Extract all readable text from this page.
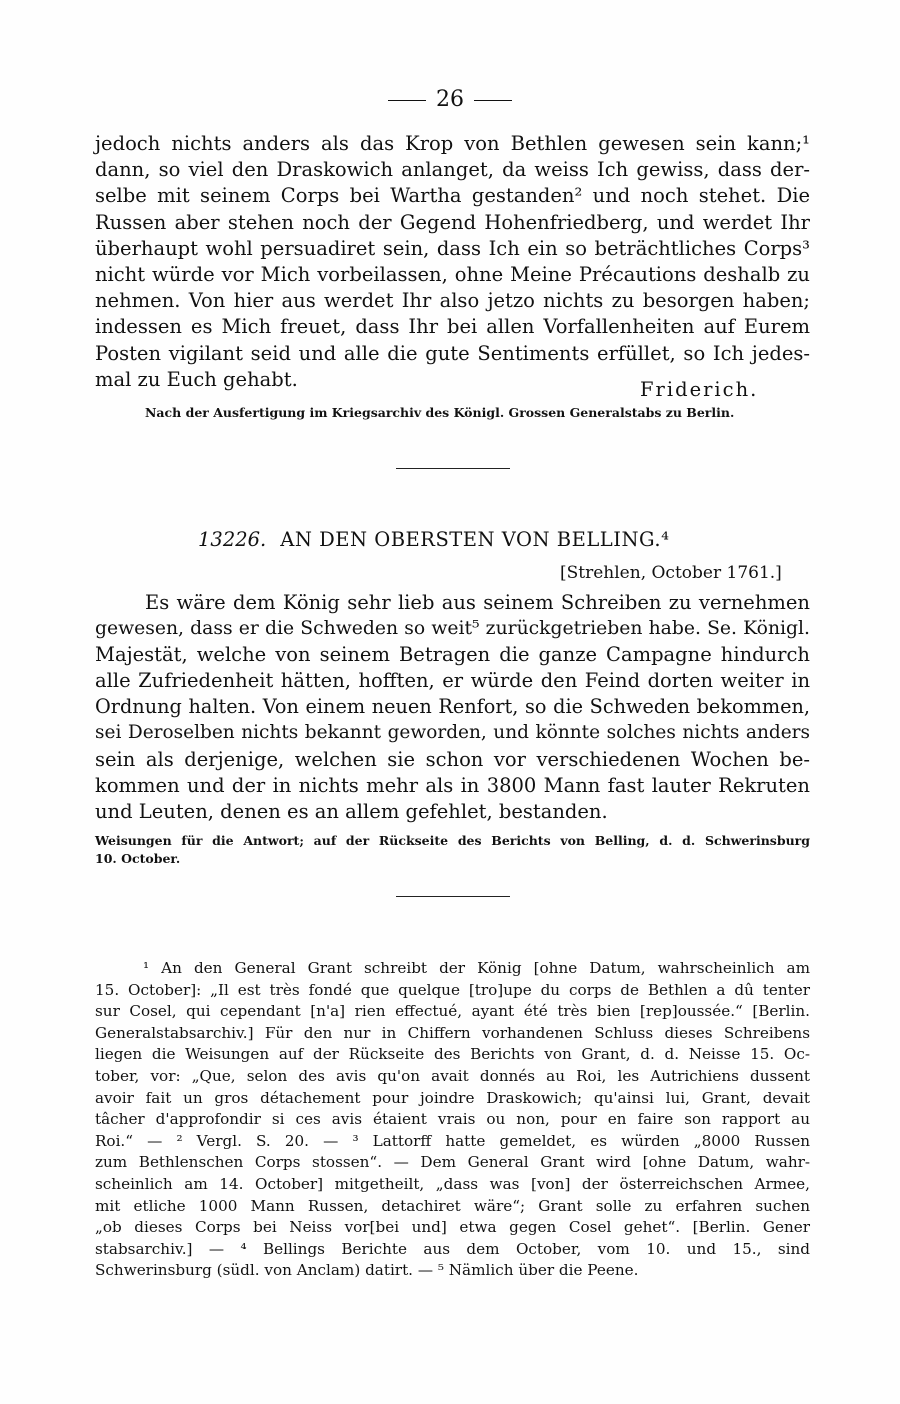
26
jedoch nichts anders als das Krop von Bethlen gewesen sein kann;¹
dann, so viel den Draskowich anlanget, da weiss Ich gewiss, dass der-
selbe mit seinem Corps bei Wartha gestanden² und noch stehet. Die
Russen aber stehen noch der Gegend Hohenfriedberg, und werdet Ihr
überhaupt wohl persuadiret sein, dass Ich ein so beträchtliches Corps³
nicht würde vor Mich vorbeilassen, ohne Meine Précautions deshalb zu
nehmen. Von hier aus werdet Ihr also jetzo nichts zu besorgen haben;
indessen es Mich freuet, dass Ihr bei allen Vorfallenheiten auf Eurem
Posten vigilant seid und alle die gute Sentiments erfüllet, so Ich jedes-
mal zu Euch gehabt.	Friderich.
Nach der Ausfertigung im Kriegsarchiv des Königl. Grossen Generalstabs zu Berlin.
13226. AN DEN OBERSTEN VON BELLING.⁴
[Strehlen, October 1761.]
Es wäre dem König sehr lieb aus seinem Schreiben zu vernehmen
gewesen, dass er die Schweden so weit⁵ zurückgetrieben habe. Se. Königl.
Majestät, welche von seinem Betragen die ganze Campagne hindurch
alle Zufriedenheit hätten, hofften, er würde den Feind dorten weiter in
Ordnung halten. Von einem neuen Renfort, so die Schweden bekommen,
sei Deroselben nichts bekannt geworden, und könnte solches nichts anders
sein als derjenige, welchen sie schon vor verschiedenen Wochen be-
kommen und der in nichts mehr als in 3800 Mann fast lauter Rekruten
und Leuten, denen es an allem gefehlet, bestanden.
Weisungen für die Antwort; auf der Rückseite des Berichts von Belling, d. d. Schwerinsburg
10. October.
¹ An den General Grant schreibt der König [ohne Datum, wahrscheinlich am
15. October]: „Il est très fondé que quelque [tro]upe du corps de Bethlen a dû tenter
sur Cosel, qui cependant [n'a] rien effectué, ayant été très bien [rep]oussée.“ [Berlin.
Generalstabsarchiv.] Für den nur in Chiffern vorhandenen Schluss dieses Schreibens
liegen die Weisungen auf der Rückseite des Berichts von Grant, d. d. Neisse 15. Oc-
tober, vor: „Que, selon des avis qu'on avait donnés au Roi, les Autrichiens dussent
avoir fait un gros détachement pour joindre Draskowich; qu'ainsi lui, Grant, devait
tâcher d'approfondir si ces avis étaient vrais ou non, pour en faire son rapport au
Roi.“ — ² Vergl. S. 20. — ³ Lattorff hatte gemeldet, es würden „8000 Russen
zum Bethlenschen Corps stossen“. — Dem General Grant wird [ohne Datum, wahr-
scheinlich am 14. October] mitgetheilt, „dass was [von] der österreichschen Armee,
mit etliche 1000 Mann Russen, detachiret wäre“; Grant solle zu erfahren suchen
„ob dieses Corps bei Neiss vor[bei und] etwa gegen Cosel gehet“. [Berlin. Gener
stabsarchiv.] — ⁴ Bellings Berichte aus dem October, vom 10. und 15., sind
Schwerinsburg (südl. von Anclam) datirt. — ⁵ Nämlich über die Peene.
